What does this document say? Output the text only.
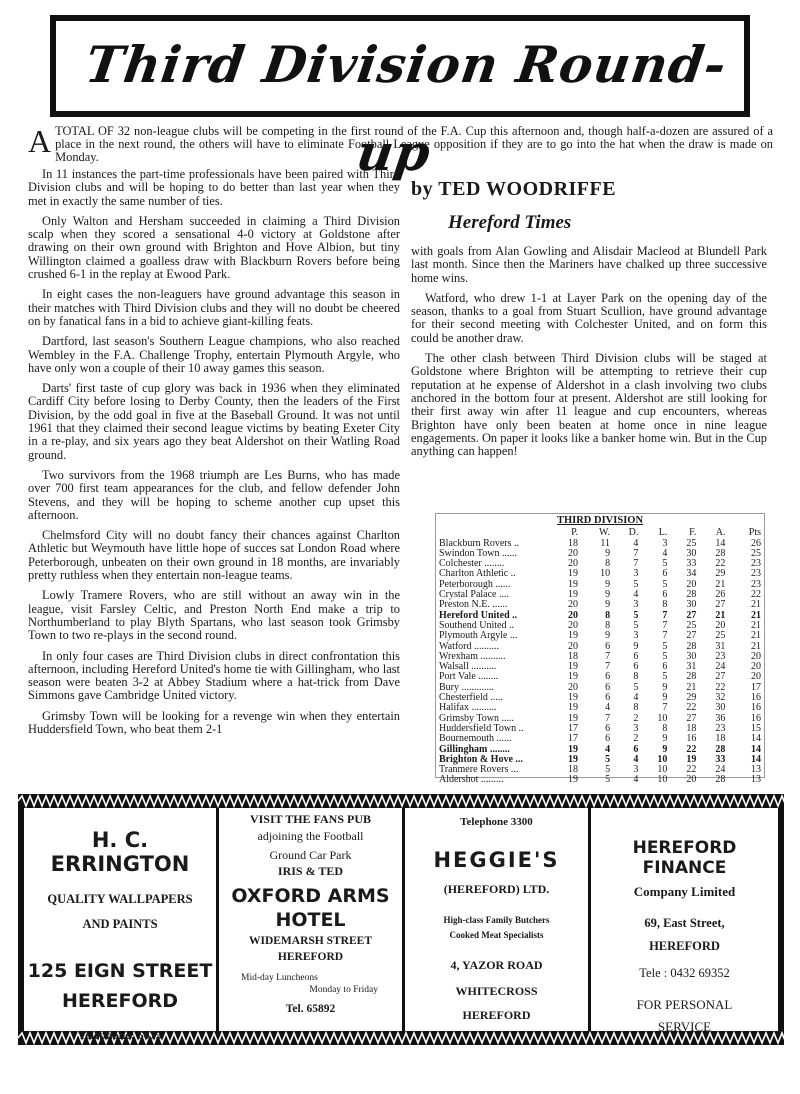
Third Division Round-up
A TOTAL OF 32 non-league clubs will be competing in the first round of the F.A. Cup this afternoon and, though half-a-dozen are assured of a place in the next round, the others will have to eliminate Football League opposition if they are to go into the hat when the draw is made on Monday.

In 11 instances the part-time professionals have been paired with Third Division clubs and will be hoping to do better than last year when they met in exactly the same number of ties.

Only Walton and Hersham succeeded in claiming a Third Division scalp when they scored a sensational 4-0 victory at Goldstone after drawing on their own ground with Brighton and Hove Albion, but tiny Willington claimed a goalless draw with Blackburn Rovers before being crushed 6-1 in the replay at Ewood Park.

In eight cases the non-leaguers have ground advantage this season in their matches with Third Division clubs and they will no doubt be cheered on by fanatical fans in a bid to achieve giant-killing feats.

Dartford, last season's Southern League champions, who also reached Wembley in the F.A. Challenge Trophy, entertain Plymouth Argyle, who have only won a couple of their 10 away games this season.

Darts' first taste of cup glory was back in 1936 when they eliminated Cardiff City before losing to Derby County, then the leaders of the First Division, by the odd goal in five at the Baseball Ground. It was not until 1961 that they claimed their second league victims by beating Exeter City in a re-play, and six years ago they beat Aldershot on their Watling Road ground.

Two survivors from the 1968 triumph are Les Burns, who has made over 700 first team appearances for the club, and fellow defender John Stevens, and they will be hoping to scheme another cup upset this afternoon.

Chelmsford City will no doubt fancy their chances against Charlton Athletic but Weymouth have little hope of succes sat London Road where Peterborough, unbeaten on their own ground in 18 months, are invariably pretty ruthless when they entertain non-league teams.

Lowly Tramere Rovers, who are still without an away win in the league, visit Farsley Celtic, and Preston North End make a trip to Northumberland to play Blyth Spartans, who last season took Grimsby Town to two re-plays in the second round.

In only four cases are Third Division clubs in direct confrontation this afternoon, including Hereford United's home tie with Gillingham, who last season were beaten 3-2 at Abbey Stadium where a hat-trick from Dave Simmons gave Cambridge United victory.

Grimsby Town will be looking for a revenge win when they entertain Huddersfield Town, who beat them 2-1

by TED WOODRIFFE
Hereford Times

with goals from Alan Gowling and Alisdair Macleod at Blundell Park last month. Since then the Mariners have chalked up three successive home wins.

Watford, who drew 1-1 at Layer Park on the opening day of the season, thanks to a goal from Stuart Scullion, have ground advantage for their second meeting with Colchester United, and on form this could be another draw.

The other clash between Third Division clubs will be staged at Goldstone where Brighton will be attempting to retrieve their cup reputation at he expense of Aldershot in a clash involving two clubs anchored in the bottom four at present. Aldershot are still looking for their first away win after 11 league and cup encounters, whereas Brighton have only been beaten at home once in nine league engagements. On paper it looks like a banker home win. But in the Cup anything can happen!

THIRD DIVISION
	P.	W.	D.	L.	F.	A.	Pts
Blackburn Rovers ..	18	11	4	3	25	14	26
Swindon Town ......	20	9	7	4	30	28	25
Colchester ........	20	8	7	5	33	22	23
Charlton Athletic ..	19	10	3	6	34	29	23
Peterborough ......	19	9	5	5	20	21	23
Crystal Palace ....	19	9	4	6	28	26	22
Preston N.E. ......	20	9	3	8	30	27	21
Hereford United ..	20	8	5	7	27	21	21
Southend United ..	20	8	5	7	25	20	21
Plymouth Argyle ...	19	9	3	7	27	25	21
Watford ..........	20	6	9	5	28	31	21
Wrexham ..........	18	7	6	5	30	23	20
Walsall ..........	19	7	6	6	31	24	20
Port Vale ........	19	6	8	5	28	27	20
Bury .............	20	6	5	9	21	22	17
Chesterfield .....	19	6	4	9	29	32	16
Halifax ..........	19	4	8	7	22	30	16
Grimsby Town .....	19	7	2	10	27	36	16
Huddersfield Town ..	17	6	3	8	18	23	15
Bournemouth ......	17	6	2	9	16	18	14
Gillingham ........	19	4	6	9	22	28	14
Brighton & Hove ...	19	5	4	10	19	33	14
Tranmere Rovers ...	18	5	3	10	22	24	13
Aldershot .........	19	5	4	10	20	28	13
H. C. ERRINGTON
QUALITY WALLPAPERS
AND PAINTS
125 EIGN STREET
HEREFORD
Telephone: 6075
VISIT THE FANS PUB
adjoining the Football
Ground Car Park
IRIS & TED
OXFORD ARMS
HOTEL
WIDEMARSH STREET
HEREFORD
Mid-day Luncheons
Monday to Friday
Tel. 65892
Telephone 3300
HEGGIE'S
(HEREFORD) LTD.
High-class Family Butchers
Cooked Meat Specialists
4, YAZOR ROAD
WHITECROSS
HEREFORD
HEREFORD FINANCE
Company Limited
69, East Street,
HEREFORD
Tele : 0432 69352
FOR PERSONAL
SERVICE
